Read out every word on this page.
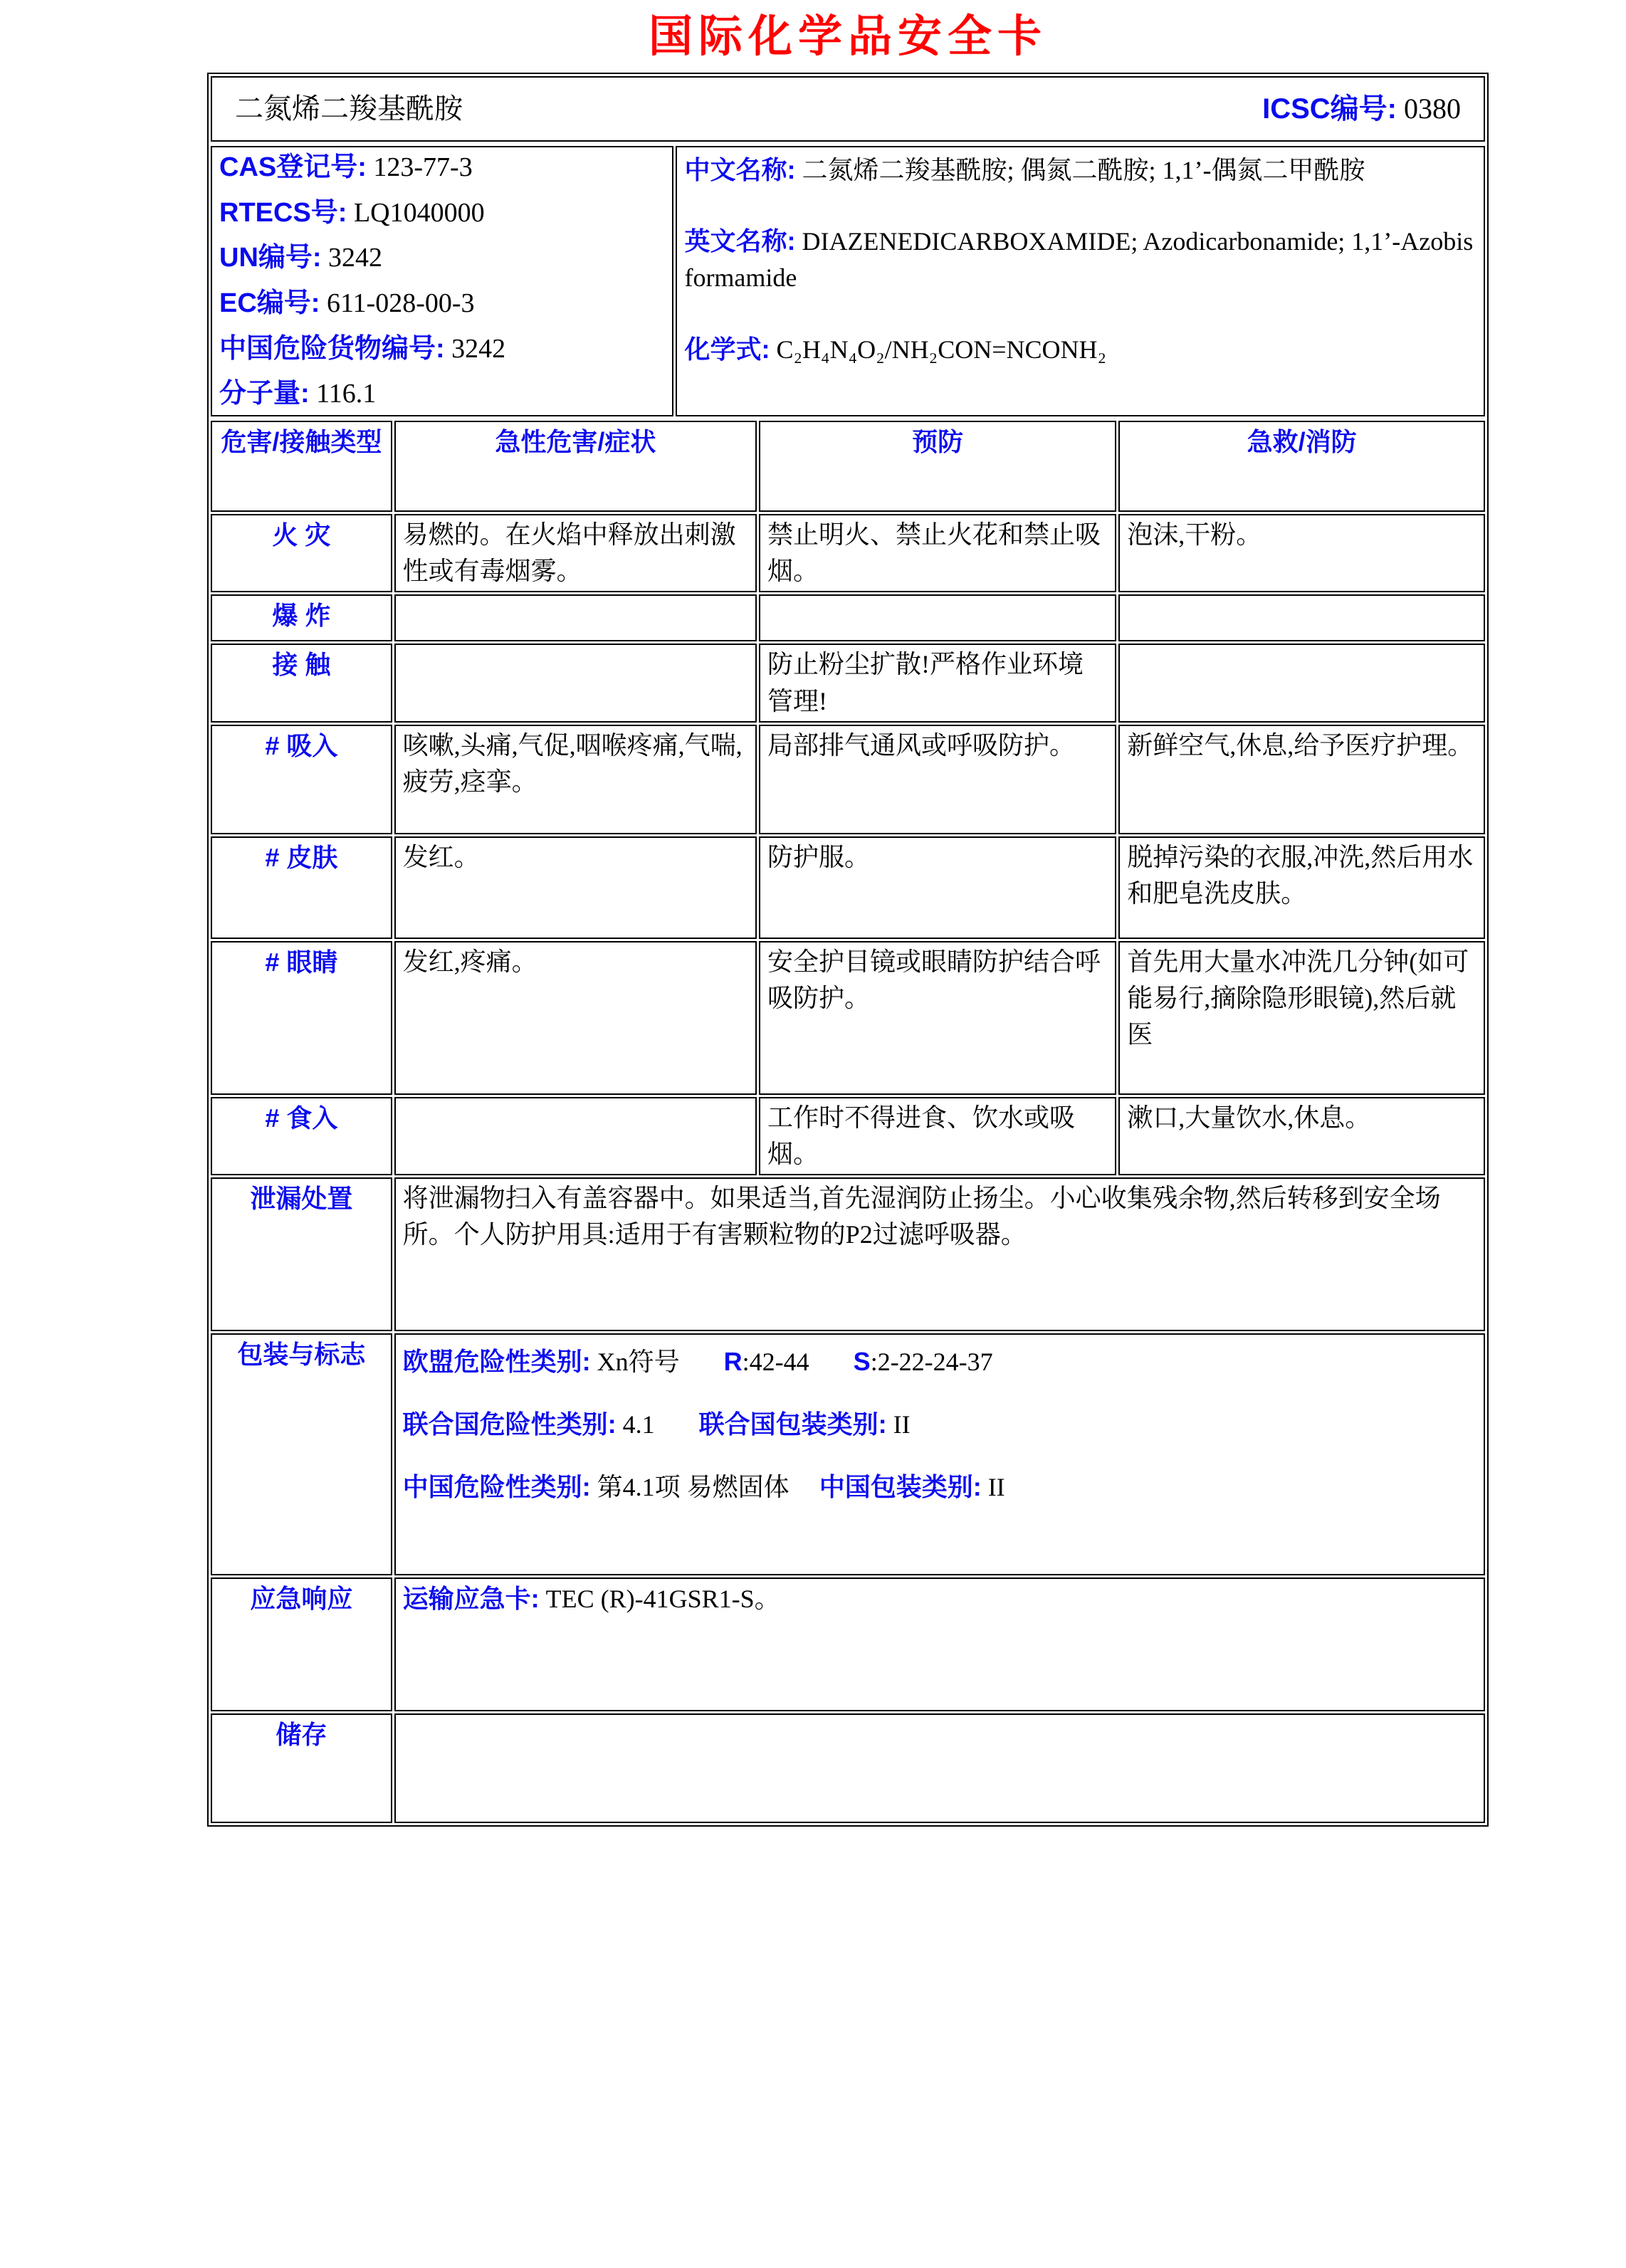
国际化学品安全卡
二氮烯二羧基酰胺	ICSC编号: 0380
CAS登记号: 123-77-3
RTECS号: LQ1040000
UN编号: 3242
EC编号: 611-028-00-3
中国危险货物编号: 3242
分子量: 116.1

中文名称: 二氮烯二羧基酰胺; 偶氮二酰胺; 1,1’-偶氮二甲酰胺

英文名称: DIAZENEDICARBOXAMIDE; Azodicarbonamide; 1,1’-Azobisformamide

化学式: C₂H₄N₄O₂/NH₂CON=NCONH₂

危害/接触类型	急性危害/症状	预防	急救/消防
火 灾	易燃的。在火焰中释放出刺激性或有毒烟雾。	禁止明火、禁止火花和禁止吸烟。	泡沫,干粉。
爆 炸			
接 触		防止粉尘扩散!严格作业环境管理!	
# 吸入	咳嗽,头痛,气促,咽喉疼痛,气喘,疲劳,痉挛。	局部排气通风或呼吸防护。	新鲜空气,休息,给予医疗护理。
# 皮肤	发红。	防护服。	脱掉污染的衣服,冲洗,然后用水和肥皂洗皮肤。
# 眼睛	发红,疼痛。	安全护目镜或眼睛防护结合呼吸防护。	首先用大量水冲洗几分钟(如可能易行,摘除隐形眼镜),然后就医
# 食入		工作时不得进食、饮水或吸烟。	漱口,大量饮水,休息。
泄漏处置	将泄漏物扫入有盖容器中。如果适当,首先湿润防止扬尘。小心收集残余物,然后转移到安全场所。个人防护用具:适用于有害颗粒物的P2过滤呼吸器。		
包装与标志	欧盟危险性类别: Xn符号 R:42-44 S:2-22-24-37
联合国危险性类别: 4.1 联合国包装类别: II
中国危险性类别: 第4.1项 易燃固体 中国包装类别: II		

应急响应	运输应急卡: TEC (R)-41GSR1-S。		
储存			
